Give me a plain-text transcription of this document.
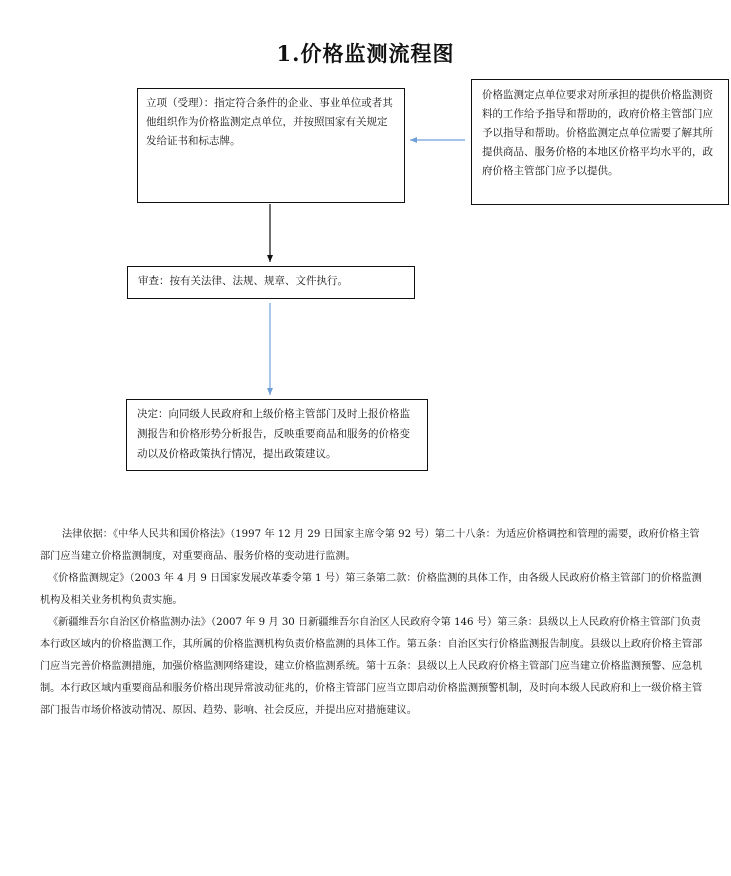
1.价格监测流程图
立项（受理）：指定符合条件的企业、事业单位或者其他组织作为价格监测定点单位，并按照国家有关规定发给证书和标志牌。
价格监测定点单位要求对所承担的提供价格监测资料的工作给予指导和帮助的，政府价格主管部门应予以指导和帮助。价格监测定点单位需要了解其所提供商品、服务价格的本地区价格平均水平的，政府价格主管部门应予以提供。
审查：按有关法律、法规、规章、文件执行。
决定：向同级人民政府和上级价格主管部门及时上报价格监测报告和价格形势分析报告，反映重要商品和服务的价格变动以及价格政策执行情况，提出政策建议。

法律依据：《中华人民共和国价格法》（1997 年 12 月 29 日国家主席令第 92 号）第二十八条：为适应价格调控和管理的需要，政府价格主管部门应当建立价格监测制度，对重要商品、服务价格的变动进行监测。

《价格监测规定》（2003 年 4 月 9 日国家发展改革委令第 1 号）第三条第二款：价格监测的具体工作，由各级人民政府价格主管部门的价格监测机构及相关业务机构负责实施。

《新疆维吾尔自治区价格监测办法》（2007 年 9 月 30 日新疆维吾尔自治区人民政府令第 146 号）第三条：县级以上人民政府价格主管部门负责本行政区域内的价格监测工作，其所属的价格监测机构负责价格监测的具体工作。第五条：自治区实行价格监测报告制度。县级以上政府价格主管部门应当完善价格监测措施，加强价格监测网络建设，建立价格监测系统。第十五条：县级以上人民政府价格主管部门应当建立价格监测预警、应急机制。本行政区域内重要商品和服务价格出现异常波动征兆的，价格主管部门应当立即启动价格监测预警机制，及时向本级人民政府和上一级价格主管部门报告市场价格波动情况、原因、趋势、影响、社会反应，并提出应对措施建议。
